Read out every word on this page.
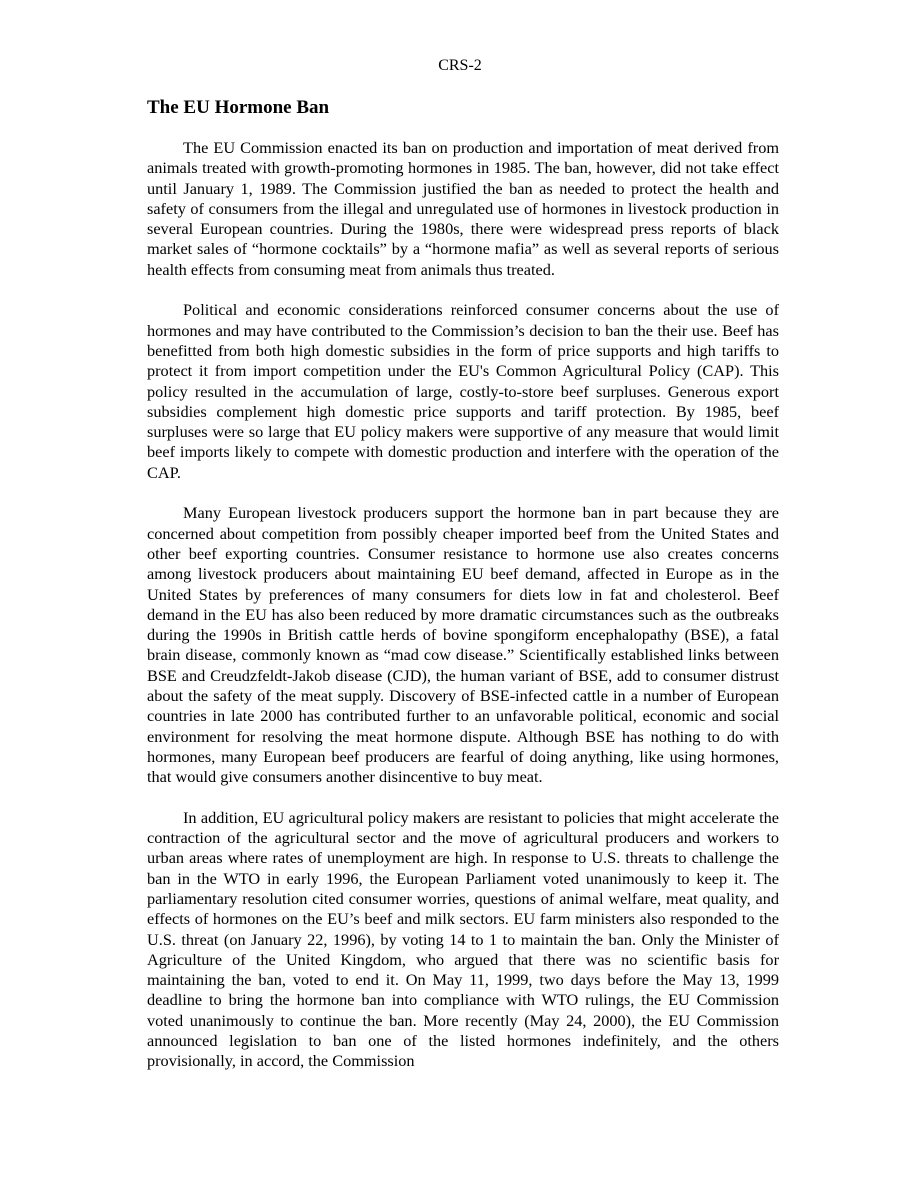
CRS-2
The EU Hormone Ban

The EU Commission enacted its ban on production and importation of meat derived from animals treated with growth-promoting hormones in 1985. The ban, however, did not take effect until January 1, 1989. The Commission justified the ban as needed to protect the health and safety of consumers from the illegal and unregulated use of hormones in livestock production in several European countries. During the 1980s, there were widespread press reports of black market sales of “hormone cocktails” by a “hormone mafia” as well as several reports of serious health effects from consuming meat from animals thus treated.

Political and economic considerations reinforced consumer concerns about the use of hormones and may have contributed to the Commission’s decision to ban the their use. Beef has benefitted from both high domestic subsidies in the form of price supports and high tariffs to protect it from import competition under the EU's Common Agricultural Policy (CAP). This policy resulted in the accumulation of large, costly-to-store beef surpluses. Generous export subsidies complement high domestic price supports and tariff protection. By 1985, beef surpluses were so large that EU policy makers were supportive of any measure that would limit beef imports likely to compete with domestic production and interfere with the operation of the CAP.

Many European livestock producers support the hormone ban in part because they are concerned about competition from possibly cheaper imported beef from the United States and other beef exporting countries. Consumer resistance to hormone use also creates concerns among livestock producers about maintaining EU beef demand, affected in Europe as in the United States by preferences of many consumers for diets low in fat and cholesterol. Beef demand in the EU has also been reduced by more dramatic circumstances such as the outbreaks during the 1990s in British cattle herds of bovine spongiform encephalopathy (BSE), a fatal brain disease, commonly known as “mad cow disease.” Scientifically established links between BSE and Creudzfeldt-Jakob disease (CJD), the human variant of BSE, add to consumer distrust about the safety of the meat supply. Discovery of BSE-infected cattle in a number of European countries in late 2000 has contributed further to an unfavorable political, economic and social environment for resolving the meat hormone dispute. Although BSE has nothing to do with hormones, many European beef producers are fearful of doing anything, like using hormones, that would give consumers another disincentive to buy meat.

In addition, EU agricultural policy makers are resistant to policies that might accelerate the contraction of the agricultural sector and the move of agricultural producers and workers to urban areas where rates of unemployment are high. In response to U.S. threats to challenge the ban in the WTO in early 1996, the European Parliament voted unanimously to keep it. The parliamentary resolution cited consumer worries, questions of animal welfare, meat quality, and effects of hormones on the EU’s beef and milk sectors. EU farm ministers also responded to the U.S. threat (on January 22, 1996), by voting 14 to 1 to maintain the ban. Only the Minister of Agriculture of the United Kingdom, who argued that there was no scientific basis for maintaining the ban, voted to end it. On May 11, 1999, two days before the May 13, 1999 deadline to bring the hormone ban into compliance with WTO rulings, the EU Commission voted unanimously to continue the ban. More recently (May 24, 2000), the EU Commission announced legislation to ban one of the listed hormones indefinitely, and the others provisionally, in accord, the Commission
